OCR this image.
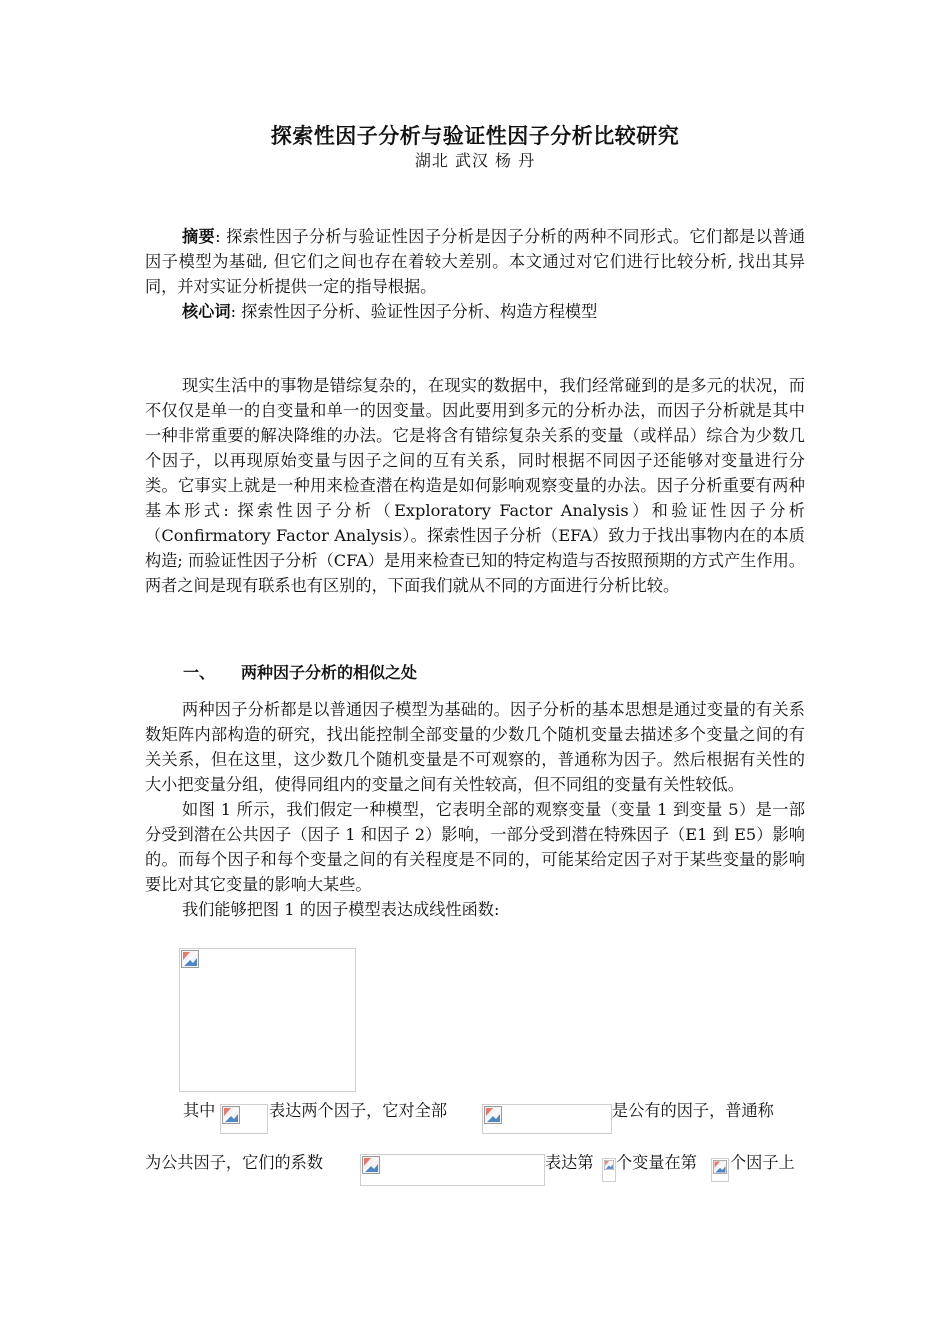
探索性因子分析与验证性因子分析比较研究
湖北 武汉 杨 丹

摘要: 探索性因子分析与验证性因子分析是因子分析的两种不同形式。它们都是以普通因子模型为基础, 但它们之间也存在着较大差别。本文通过对它们进行比较分析, 找出其异同，并对实证分析提供一定的指导根据。

核心词: 探索性因子分析、验证性因子分析、构造方程模型

现实生活中的事物是错综复杂的，在现实的数据中，我们经常碰到的是多元的状况，而不仅仅是单一的自变量和单一的因变量。因此要用到多元的分析办法，而因子分析就是其中一种非常重要的解决降维的办法。它是将含有错综复杂关系的变量（或样品）综合为少数几个因子，以再现原始变量与因子之间的互有关系，同时根据不同因子还能够对变量进行分类。它事实上就是一种用来检查潜在构造是如何影响观察变量的办法。因子分析重要有两种基本形式: 探索性因子分析（Exploratory Factor Analysis）和验证性因子分析（Confirmatory Factor Analysis）。探索性因子分析（EFA）致力于找出事物内在的本质构造; 而验证性因子分析（CFA）是用来检查已知的特定构造与否按照预期的方式产生作用。两者之间是现有联系也有区别的，下面我们就从不同的方面进行分析比较。

一、 两种因子分析的相似之处

两种因子分析都是以普通因子模型为基础的。因子分析的基本思想是通过变量的有关系数矩阵内部构造的研究，找出能控制全部变量的少数几个随机变量去描述多个变量之间的有关关系，但在这里，这少数几个随机变量是不可观察的，普通称为因子。然后根据有关性的大小把变量分组，使得同组内的变量之间有关性较高，但不同组的变量有关性较低。

如图 1 所示，我们假定一种模型，它表明全部的观察变量（变量 1 到变量 5）是一部分受到潜在公共因子（因子 1 和因子 2）影响，一部分受到潜在特殊因子（E1 到 E5）影响的。而每个因子和每个变量之间的有关程度是不同的，可能某给定因子对于某些变量的影响要比对其它变量的影响大某些。

我们能够把图 1 的因子模型表达成线性函数:

其中	表达两个因子，它对全部	是公有的因子，普通称
为公共因子，它们的系数	表达第 个变量在第 个因子上
